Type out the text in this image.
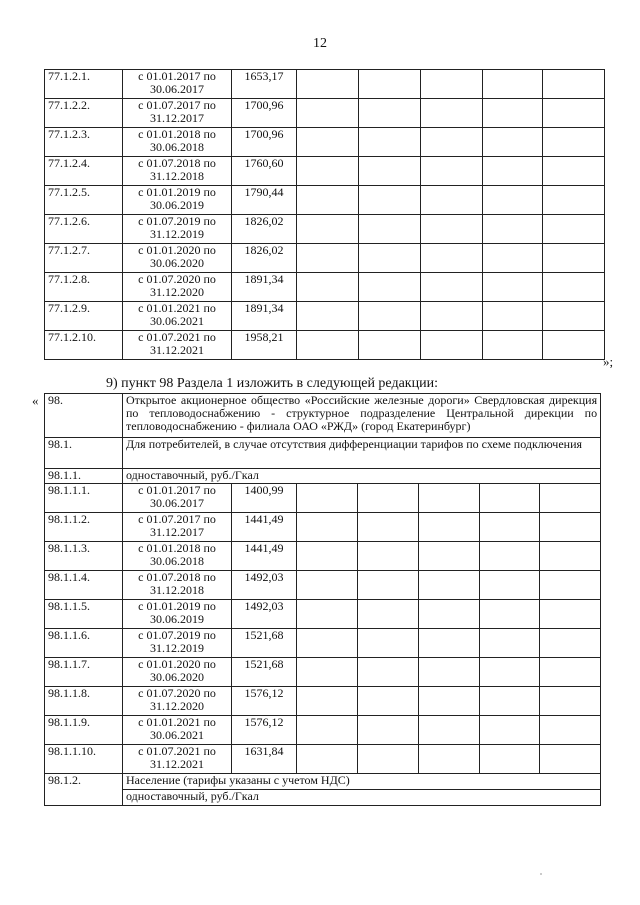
12
77.1.2.1.	с 01.01.2017 по
30.06.2017	1653,17					
77.1.2.2.	с 01.07.2017 по
31.12.2017	1700,96					
77.1.2.3.	с 01.01.2018 по
30.06.2018	1700,96					
77.1.2.4.	с 01.07.2018 по
31.12.2018	1760,60					
77.1.2.5.	с 01.01.2019 по
30.06.2019	1790,44					
77.1.2.6.	с 01.07.2019 по
31.12.2019	1826,02					
77.1.2.7.	с 01.01.2020 по
30.06.2020	1826,02					
77.1.2.8.	с 01.07.2020 по
31.12.2020	1891,34					
77.1.2.9.	с 01.01.2021 по
30.06.2021	1891,34					
77.1.2.10.	с 01.07.2021 по
31.12.2021	1958,21					
»;
9) пункт 98 Раздела 1 изложить в следующей редакции:
« 98.	Открытое акционерное общество «Российские железные дороги» Свердловская дирекция по тепловодоснабжению - структурное подразделение Центральной дирекции по тепловодоснабжению - филиала ОАО «РЖД» (город Екатеринбург)						
98.1.	Для потребителей, в случае отсутствия дифференциации тарифов по схеме подключения						
98.1.1.	одноставочный, руб./Гкал						
98.1.1.1.	с 01.01.2017 по
30.06.2017	1400,99					
98.1.1.2.	с 01.07.2017 по
31.12.2017	1441,49					
98.1.1.3.	с 01.01.2018 по
30.06.2018	1441,49					
98.1.1.4.	с 01.07.2018 по
31.12.2018	1492,03					
98.1.1.5.	с 01.01.2019 по
30.06.2019	1492,03					
98.1.1.6.	с 01.07.2019 по
31.12.2019	1521,68					
98.1.1.7.	с 01.01.2020 по
30.06.2020	1521,68					
98.1.1.8.	с 01.07.2020 по
31.12.2020	1576,12					
98.1.1.9.	с 01.01.2021 по
30.06.2021	1576,12					
98.1.1.10.	с 01.07.2021 по
31.12.2021	1631,84					
98.1.2.	Население (тарифы указаны с учетом НДС)						
	одноставочный, руб./Гкал						
